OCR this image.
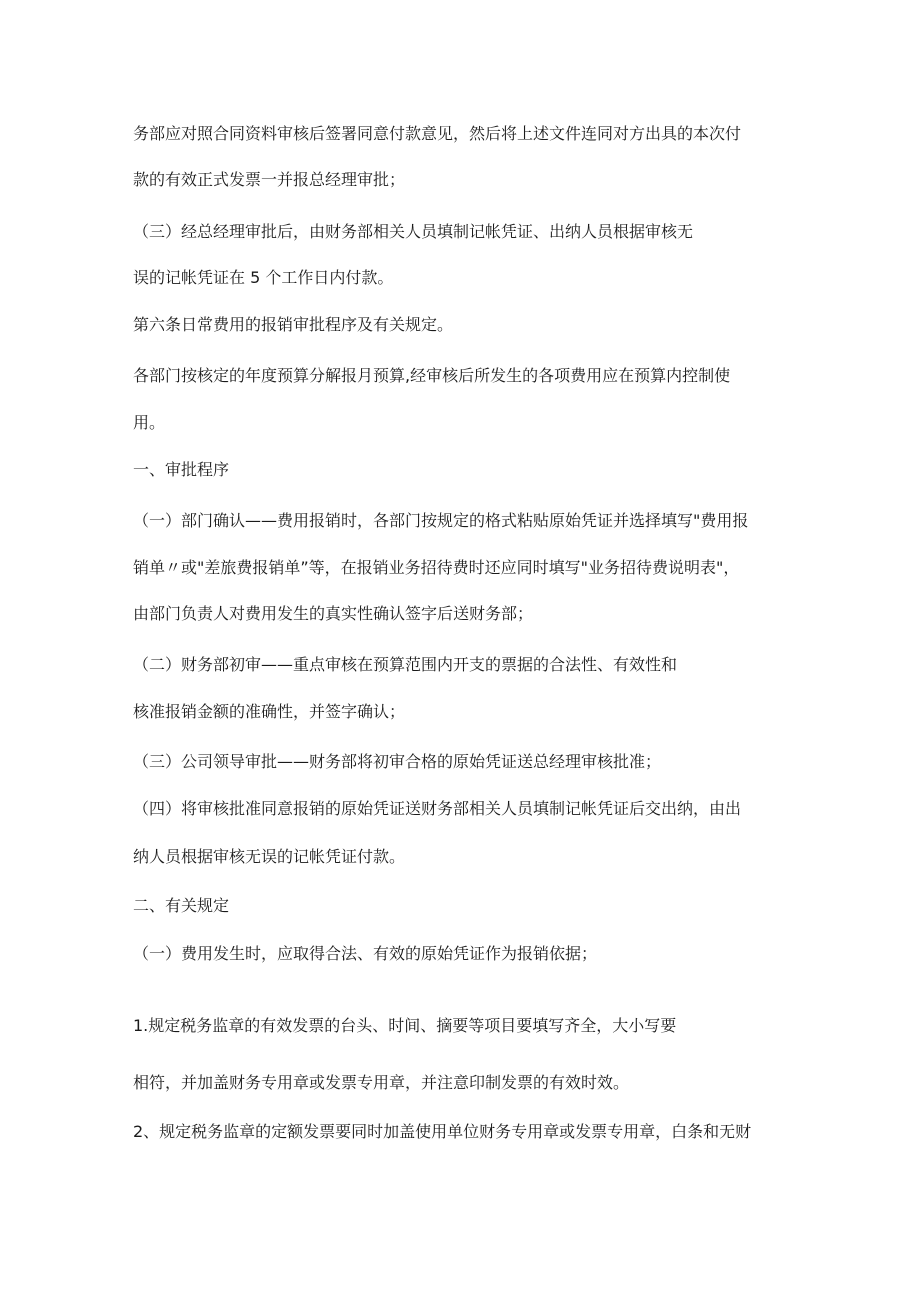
务部应对照合同资料审核后签署同意付款意见，然后将上述文件连同对方出具的本次付
款的有效正式发票一并报总经理审批；
（三）经总经理审批后，由财务部相关人员填制记帐凭证、出纳人员根据审核无
误的记帐凭证在 5 个工作日内付款。
第六条日常费用的报销审批程序及有关规定。
各部门按核定的年度预算分解报月预算,经审核后所发生的各项费用应在预算内控制使
用。
一、审批程序
（一）部门确认——费用报销时，各部门按规定的格式粘贴原始凭证并选择填写"费用报
销单〃或"差旅费报销单”等，在报销业务招待费时还应同时填写"业务招待费说明表"，
由部门负责人对费用发生的真实性确认签字后送财务部；
（二）财务部初审——重点审核在预算范围内开支的票据的合法性、有效性和
核准报销金额的准确性，并签字确认；
（三）公司领导审批——财务部将初审合格的原始凭证送总经理审核批准；
（四）将审核批准同意报销的原始凭证送财务部相关人员填制记帐凭证后交出纳，由出
纳人员根据审核无误的记帐凭证付款。
二、有关规定
（一）费用发生时，应取得合法、有效的原始凭证作为报销依据；
1.规定税务监章的有效发票的台头、时间、摘要等项目要填写齐全，大小写要
相符，并加盖财务专用章或发票专用章，并注意印制发票的有效时效。
2、规定税务监章的定额发票要同时加盖使用单位财务专用章或发票专用章，白条和无财
